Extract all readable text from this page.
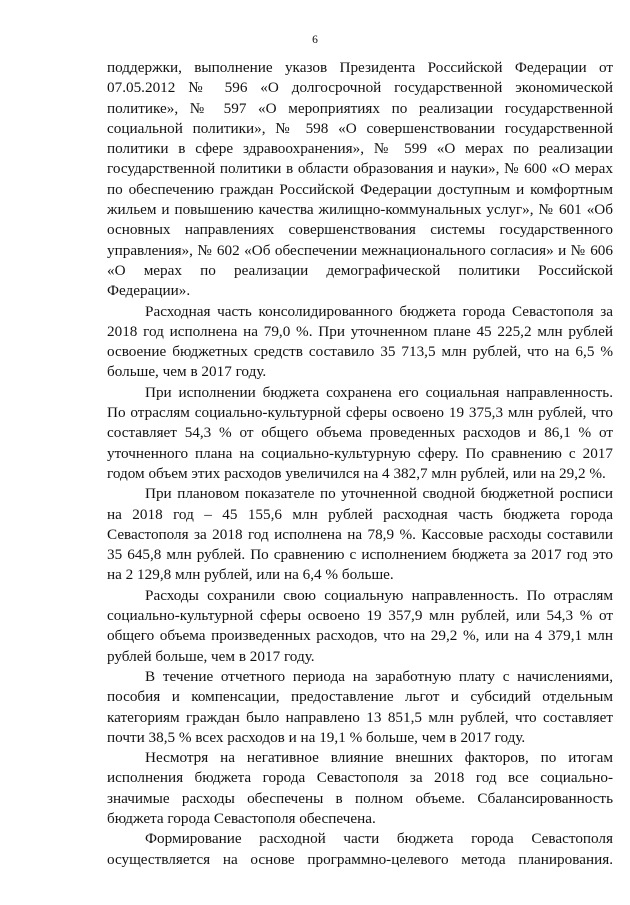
6

поддержки, выполнение указов Президента Российской Федерации от 07.05.2012 № 596 «О долгосрочной государственной экономической политике», № 597 «О мероприятиях по реализации государственной социальной политики», № 598 «О совершенствовании государственной политики в сфере здравоохранения», № 599 «О мерах по реализации государственной политики в области образования и науки», № 600 «О мерах по обеспечению граждан Российской Федерации доступным и комфортным жильем и повышению качества жилищно-коммунальных услуг», № 601 «Об основных направлениях совершенствования системы государственного управления», № 602 «Об обеспечении межнационального согласия» и № 606 «О мерах по реализации демографической политики Российской Федерации».

Расходная часть консолидированного бюджета города Севастополя за 2018 год исполнена на 79,0 %. При уточненном плане 45 225,2 млн рублей освоение бюджетных средств составило 35 713,5 млн рублей, что на 6,5 % больше, чем в 2017 году.

При исполнении бюджета сохранена его социальная направленность. По отраслям социально-культурной сферы освоено 19 375,3 млн рублей, что составляет 54,3 % от общего объема проведенных расходов и 86,1 % от уточненного плана на социально-культурную сферу. По сравнению с 2017 годом объем этих расходов увеличился на 4 382,7 млн рублей, или на 29,2 %.

При плановом показателе по уточненной сводной бюджетной росписи на 2018 год – 45 155,6 млн рублей расходная часть бюджета города Севастополя за 2018 год исполнена на 78,9 %. Кассовые расходы составили 35 645,8 млн рублей. По сравнению с исполнением бюджета за 2017 год это на 2 129,8 млн рублей, или на 6,4 % больше.

Расходы сохранили свою социальную направленность. По отраслям социально-культурной сферы освоено 19 357,9 млн рублей, или 54,3 % от общего объема произведенных расходов, что на 29,2 %, или на 4 379,1 млн рублей больше, чем в 2017 году.

В течение отчетного периода на заработную плату с начислениями, пособия и компенсации, предоставление льгот и субсидий отдельным категориям граждан было направлено 13 851,5 млн рублей, что составляет почти 38,5 % всех расходов и на 19,1 % больше, чем в 2017 году.

Несмотря на негативное влияние внешних факторов, по итогам исполнения бюджета города Севастополя за 2018 год все социально-значимые расходы обеспечены в полном объеме. Сбалансированность бюджета города Севастополя обеспечена.

Формирование расходной части бюджета города Севастополя осуществляется на основе программно-целевого метода планирования.
